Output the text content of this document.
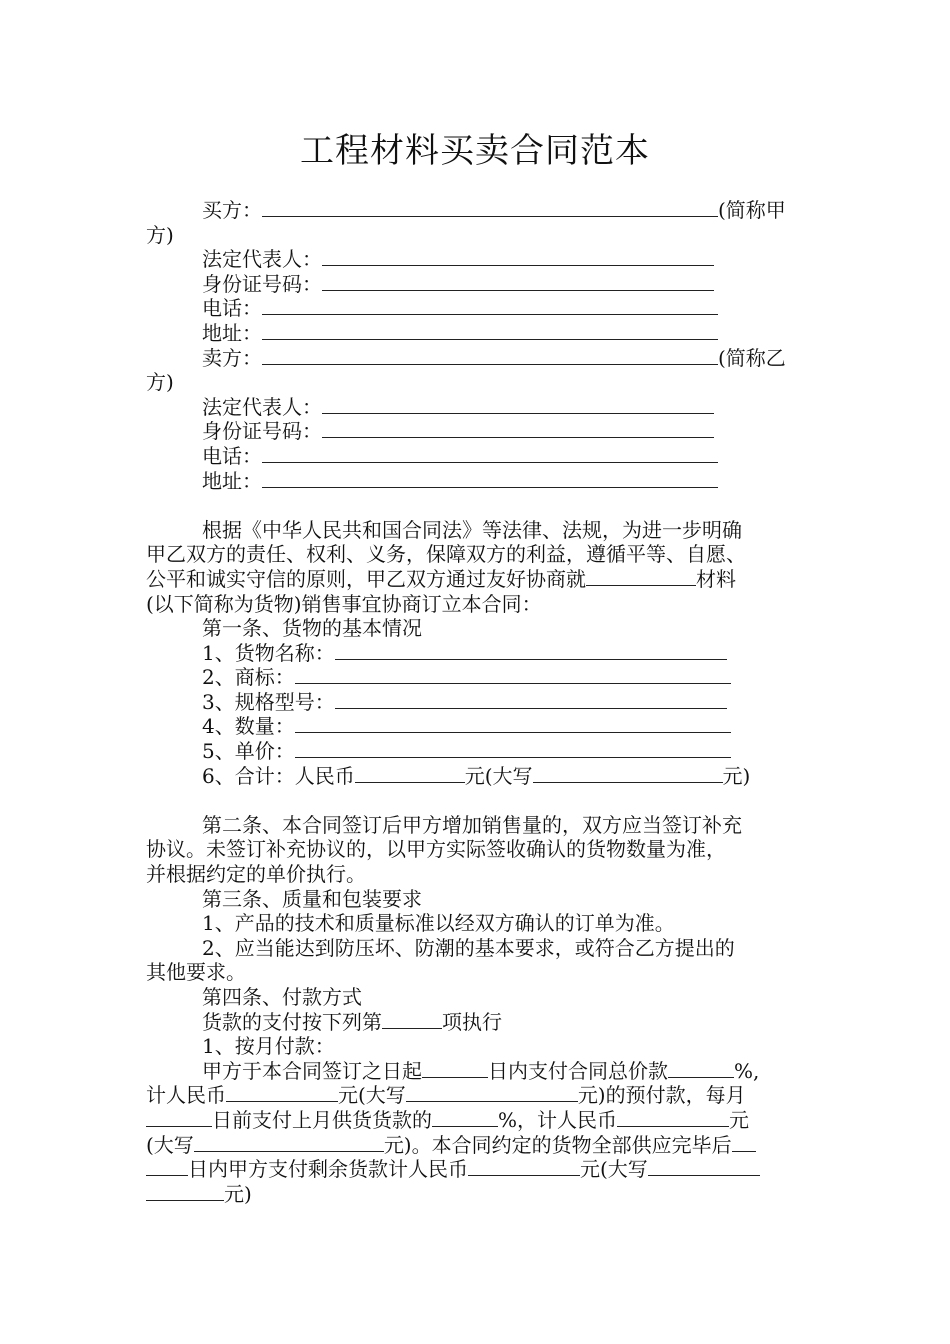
工程材料买卖合同范本
买方：	(简称甲
方)
法定代表人：
身份证号码：
电话：
地址：
卖方：	(简称乙
方)
法定代表人：
身份证号码：
电话：
地址：
根据《中华人民共和国合同法》等法律、法规，为进一步明确
甲乙双方的责任、权利、义务，保障双方的利益，遵循平等、自愿、
公平和诚实守信的原则，甲乙双方通过友好协商就	材料
(以下简称为货物)销售事宜协商订立本合同：
第一条、货物的基本情况
1、货物名称：
2、商标：
3、规格型号：
4、数量：
5、单价：
6、合计：人民币	元(大写	元)
第二条、本合同签订后甲方增加销售量的，双方应当签订补充
协议。未签订补充协议的，以甲方实际签收确认的货物数量为准，
并根据约定的单价执行。
第三条、质量和包装要求
1、产品的技术和质量标准以经双方确认的订单为准。
2、应当能达到防压坏、防潮的基本要求，或符合乙方提出的
其他要求。
第四条、付款方式
货款的支付按下列第	项执行
1、按月付款：
甲方于本合同签订之日起	日内支付合同总价款	%,
计人民币	元(大写	元)的预付款，每月
日前支付上月供货货款的	%，计人民币	元
(大写	元)。本合同约定的货物全部供应完毕后
日内甲方支付剩余货款计人民币	元(大写
元)
